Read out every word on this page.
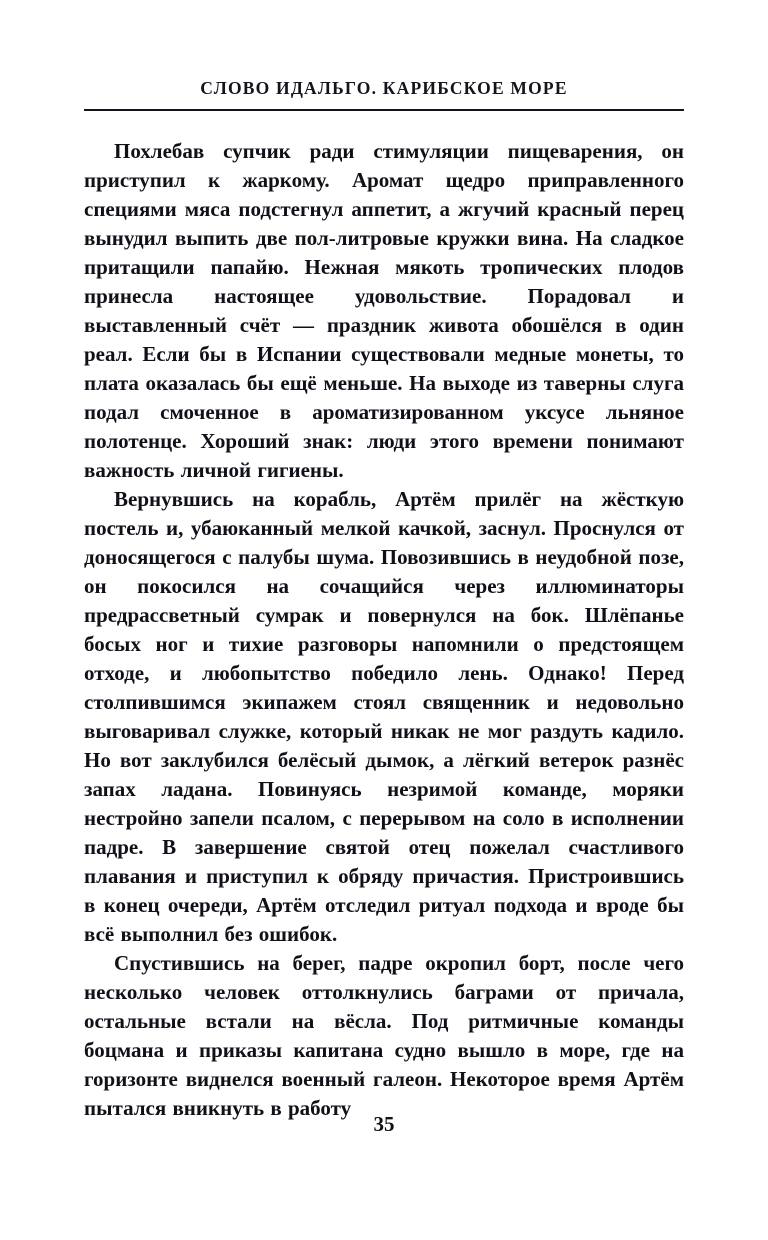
СЛОВО ИДАЛЬГО. КАРИБСКОЕ МОРЕ

Похлебав супчик ради стимуляции пищеварения, он приступил к жаркому. Аромат щедро приправленного специями мяса подстегнул аппетит, а жгучий красный перец вынудил выпить две пол-литровые кружки вина. На сладкое притащили папайю. Нежная мякоть тропических плодов принесла настоящее удовольствие. Порадовал и выставленный счёт — праздник живота обошёлся в один реал. Если бы в Испании существовали медные монеты, то плата оказалась бы ещё меньше. На выходе из таверны слуга подал смоченное в ароматизированном уксусе льняное полотенце. Хороший знак: люди этого времени понимают важность личной гигиены.

Вернувшись на корабль, Артём прилёг на жёсткую постель и, убаюканный мелкой качкой, заснул. Проснулся от доносящегося с палубы шума. Повозившись в неудобной позе, он покосился на сочащийся через иллюминаторы предрассветный сумрак и повернулся на бок. Шлёпанье босых ног и тихие разговоры напомнили о предстоящем отходе, и любопытство победило лень. Однако! Перед столпившимся экипажем стоял священник и недовольно выговаривал служке, который никак не мог раздуть кадило. Но вот заклубился белёсый дымок, а лёгкий ветерок разнёс запах ладана. Повинуясь незримой команде, моряки нестройно запели псалом, с перерывом на соло в исполнении падре. В завершение святой отец пожелал счастливого плавания и приступил к обряду причастия. Пристроившись в конец очереди, Артём отследил ритуал подхода и вроде бы всё выполнил без ошибок.

Спустившись на берег, падре окропил борт, после чего несколько человек оттолкнулись баграми от причала, остальные встали на вёсла. Под ритмичные команды боцмана и приказы капитана судно вышло в море, где на горизонте виднелся военный галеон. Некоторое время Артём пытался вникнуть в работу

35
